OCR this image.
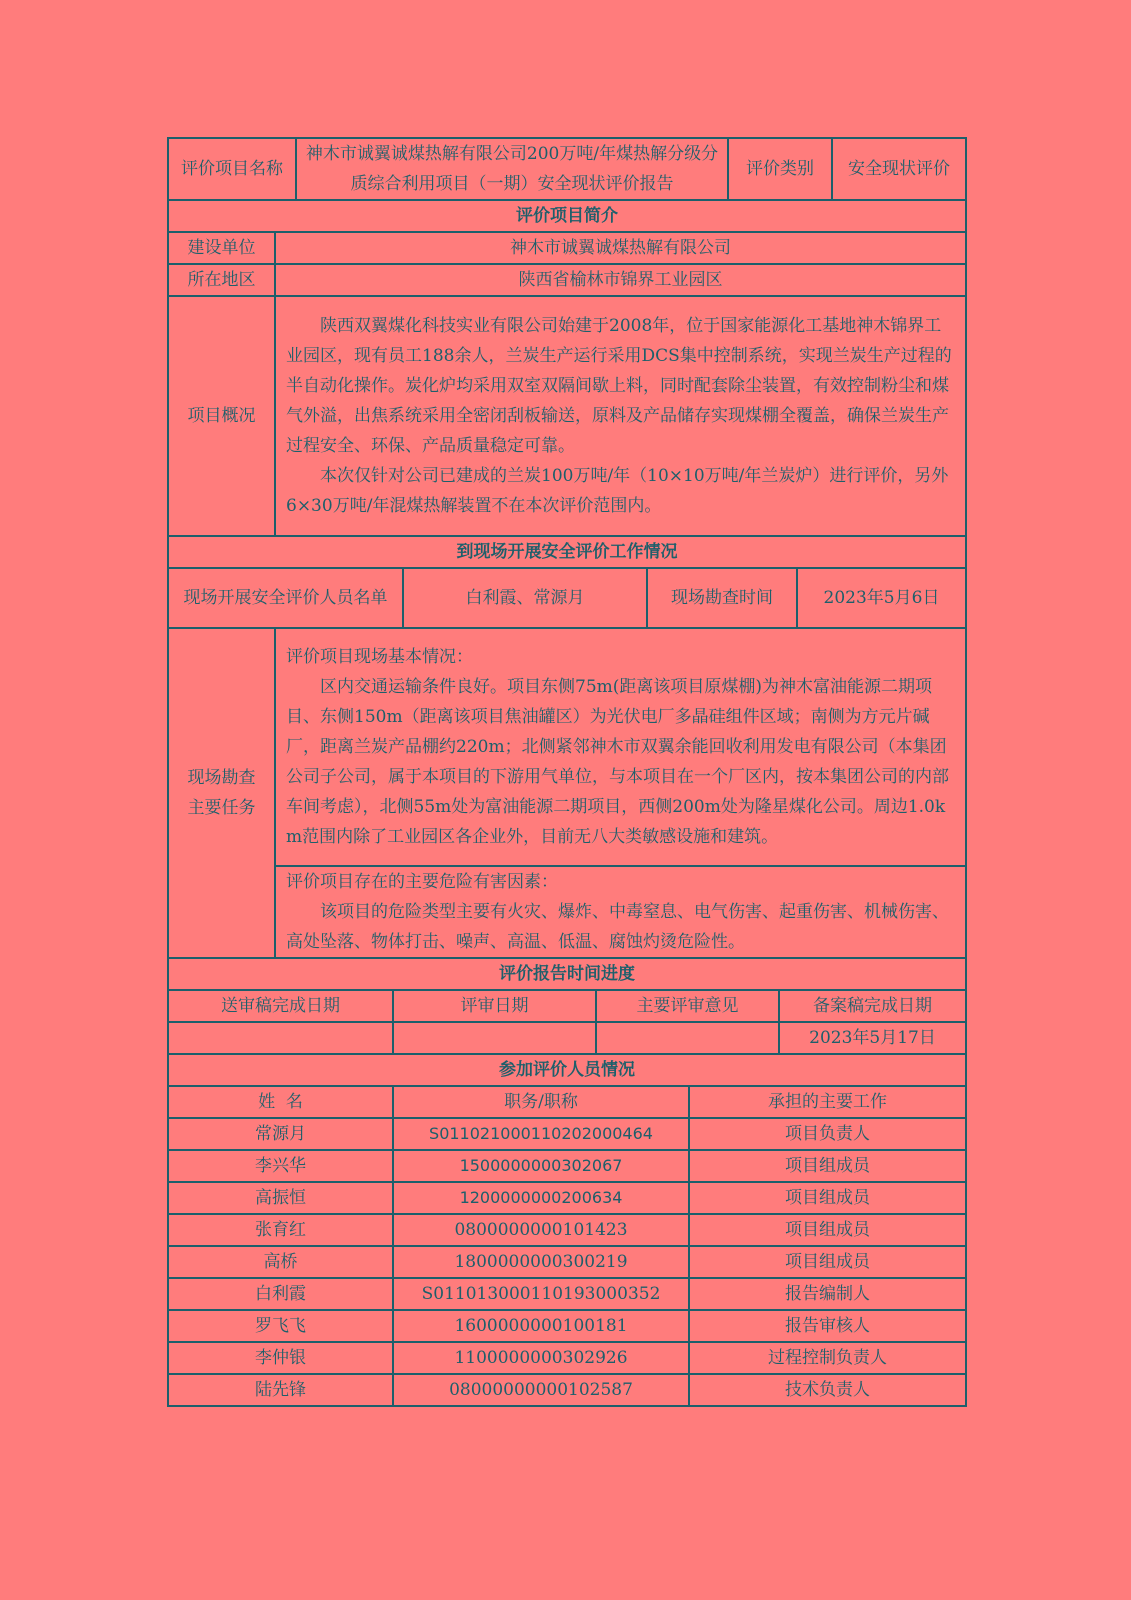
评价项目名称	神木市诚翼诚煤热解有限公司200万吨/年煤热解分级分质综合利用项目（一期）安全现状评价报告	评价类别	安全现状评价
评价项目简介	
建设单位	神木市诚翼诚煤热解有限公司
所在地区	陕西省榆林市锦界工业园区
项目概况	陕西双翼煤化科技实业有限公司始建于2008年，位于国家能源化工基地神木锦界工业园区，现有员工188余人，兰炭生产运行采用DCS集中控制系统，实现兰炭生产过程的半自动化操作。炭化炉均采用双室双隔间歇上料，同时配套除尘装置，有效控制粉尘和煤气外溢，出焦系统采用全密闭刮板输送，原料及产品储存实现煤棚全覆盖，确保兰炭生产过程安全、环保、产品质量稳定可靠。

本次仅针对公司已建成的兰炭100万吨/年（10×10万吨/年兰炭炉）进行评价，另外6×30万吨/年混煤热解装置不在本次评价范围内。

到现场开展安全评价工作情况	
现场开展安全评价人员名单	白利霞、常源月	现场勘查时间	2023年5月6日
现场勘查主要任务	

评价项目现场基本情况：

区内交通运输条件良好。项目东侧75m(距离该项目原煤棚)为神木富油能源二期项目、东侧150m（距离该项目焦油罐区）为光伏电厂多晶硅组件区域；南侧为方元片碱厂，距离兰炭产品棚约220m；北侧紧邻神木市双翼余能回收利用发电有限公司（本集团公司子公司，属于本项目的下游用气单位，与本项目在一个厂区内，按本集团公司的内部车间考虑），北侧55m处为富油能源二期项目，西侧200m处为隆星煤化公司。周边1.0km范围内除了工业园区各企业外，目前无八大类敏感设施和建筑。

评价项目存在的主要危险有害因素：

该项目的危险类型主要有火灾、爆炸、中毒窒息、电气伤害、起重伤害、机械伤害、高处坠落、物体打击、噪声、高温、低温、腐蚀灼烫危险性。

评价报告时间进度
送审稿完成日期	评审日期	主要评审意见	备案稿完成日期
			2023年5月17日
参加评价人员情况		
姓  名	职务/职称	承担的主要工作
常源月	S011021000110202000464	项目负责人
李兴华	1500000000302067	项目组成员
高振恒	1200000000200634	项目组成员
张育红	0800000000101423	项目组成员
高桥	1800000000300219	项目组成员
白利霞	S011013000110193000352	报告编制人
罗飞飞	1600000000100181	报告审核人
李仲银	1100000000302926	过程控制负责人
陆先锋	08000000000102587	技术负责人
